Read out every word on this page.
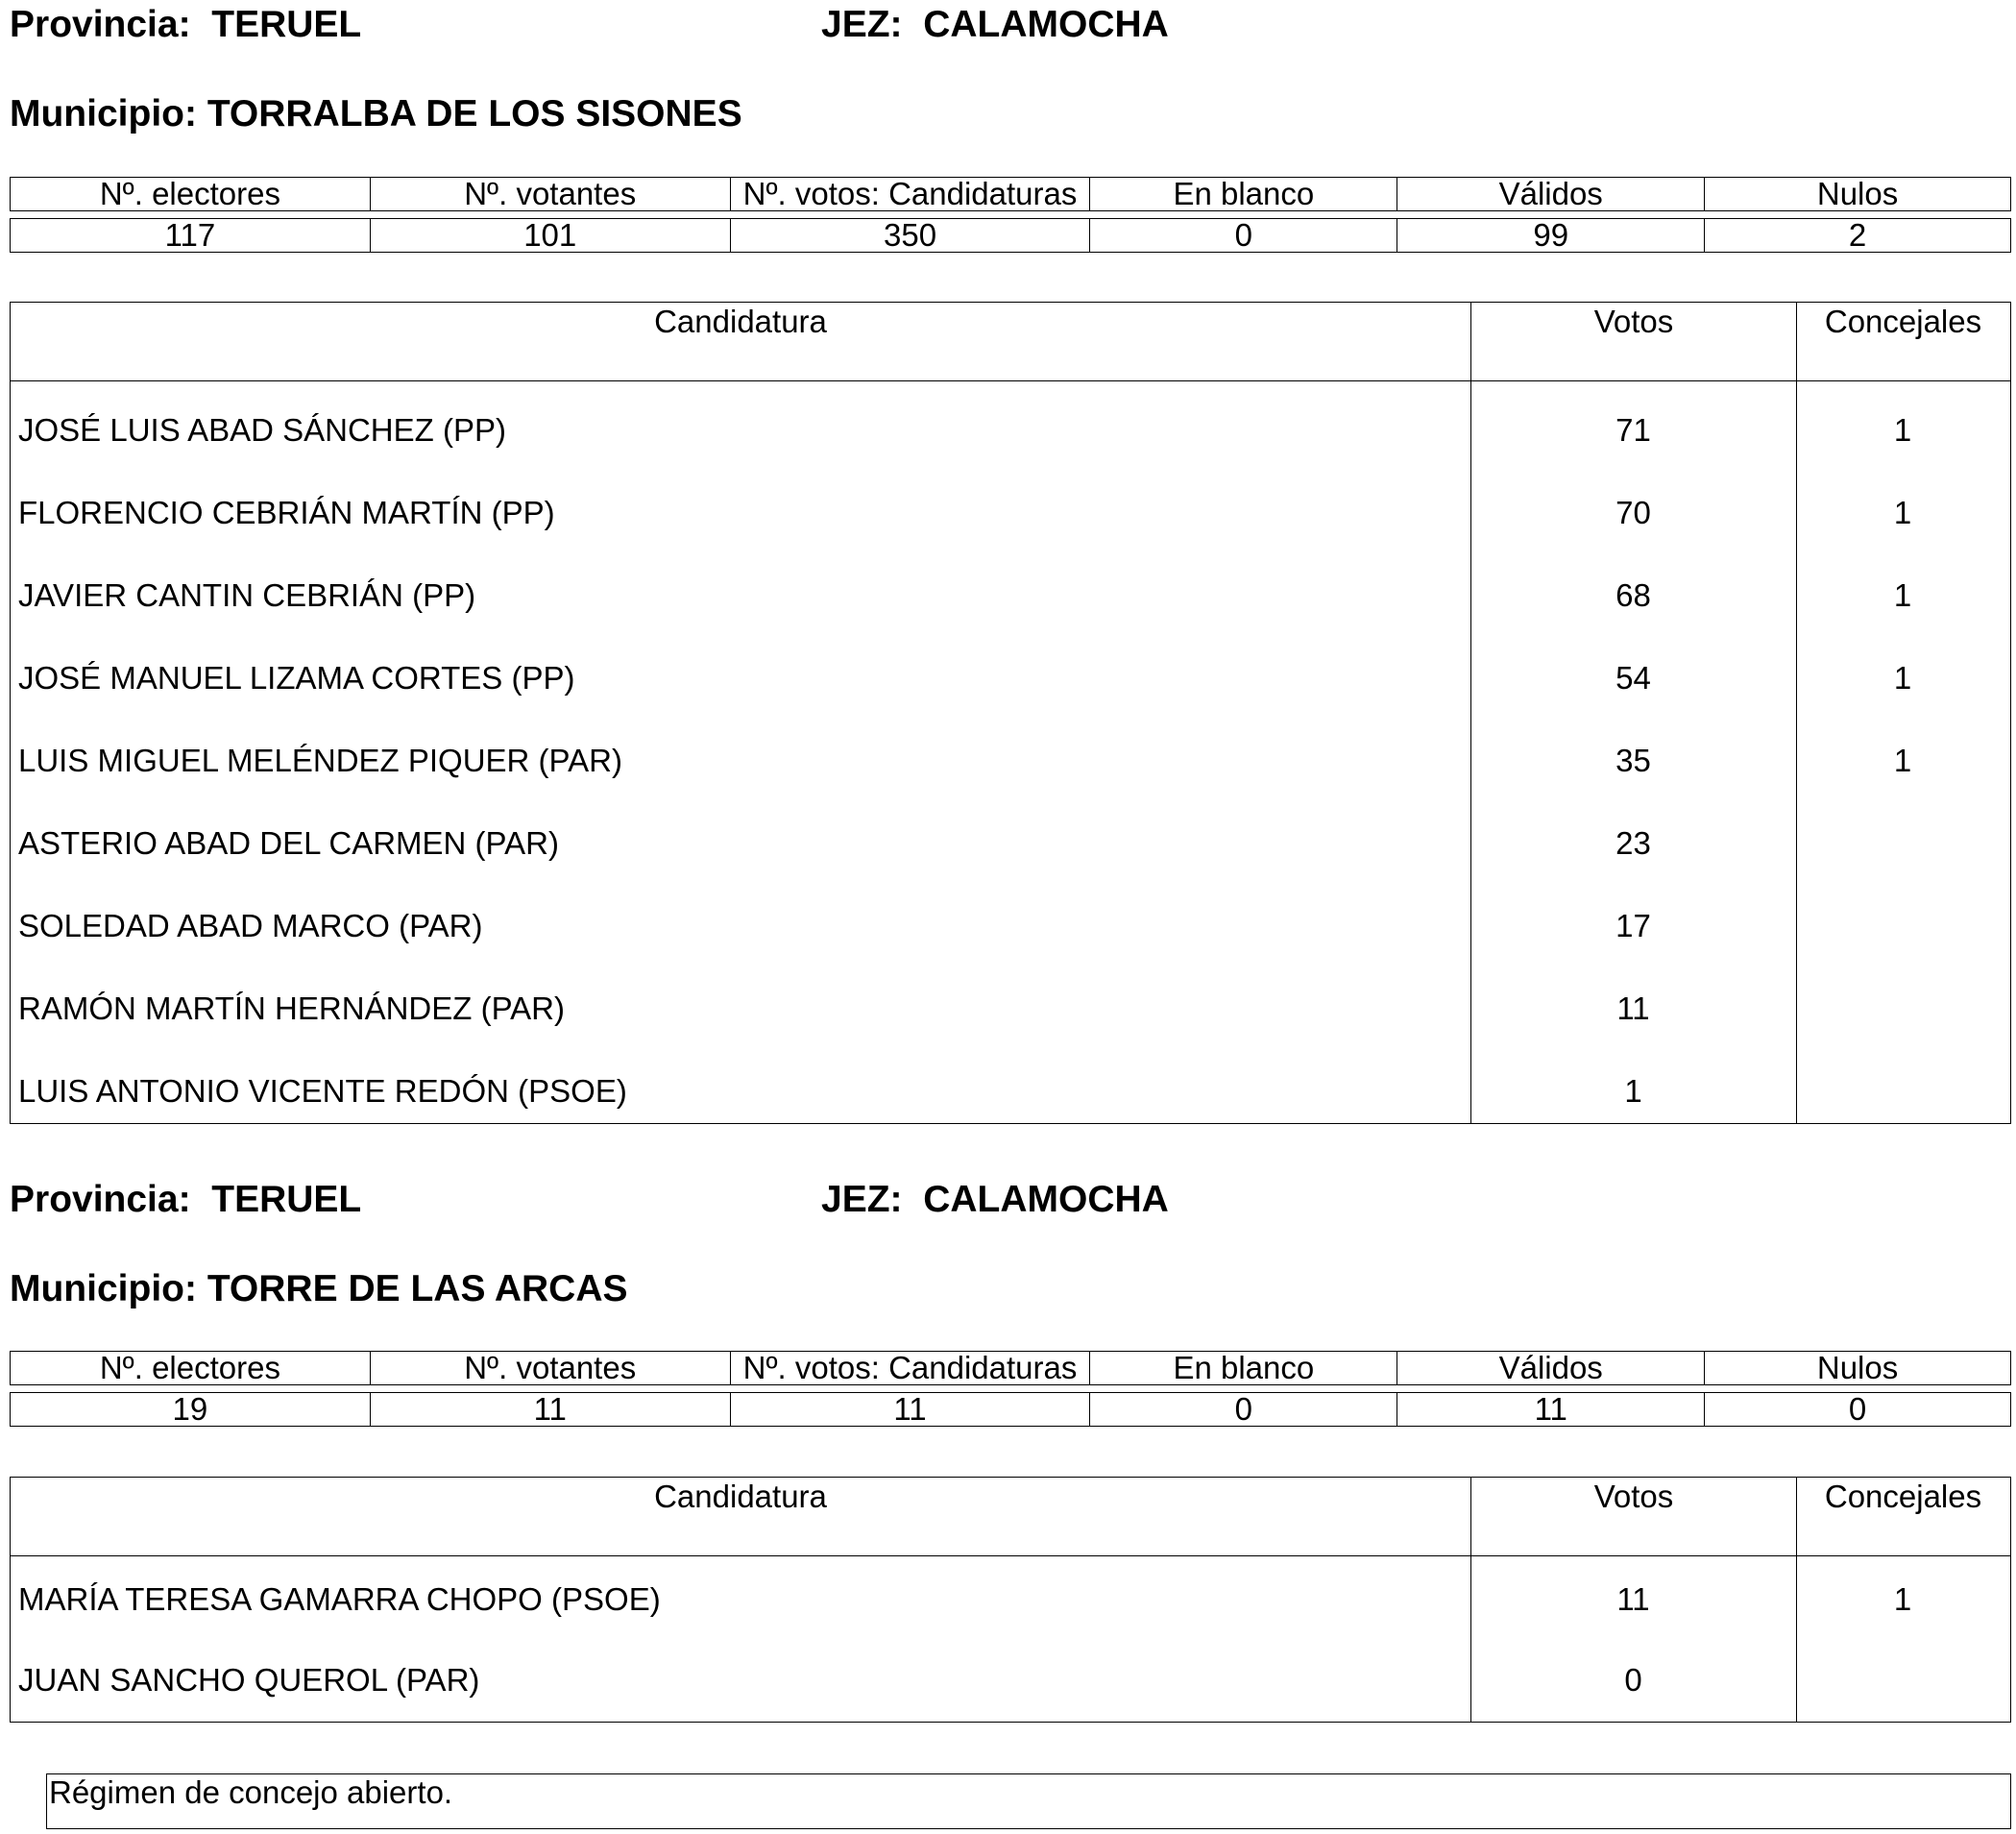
Provincia: TERUEL	JEZ: CALAMOCHA
Municipio: TORRALBA DE LOS SISONES
Nº. electores	Nº. votantes	Nº. votos: Candidaturas	En blanco	Válidos	Nulos
117	101	350	0	99	2
Candidatura	Votos	Concejales
JOSÉ LUIS ABAD SÁNCHEZ (PP)	71	1
FLORENCIO CEBRIÁN MARTÍN (PP)	70	1
JAVIER CANTIN CEBRIÁN (PP)	68	1
JOSÉ MANUEL LIZAMA CORTES (PP)	54	1
LUIS MIGUEL MELÉNDEZ PIQUER (PAR)	35	1
ASTERIO ABAD DEL CARMEN (PAR)	23
SOLEDAD ABAD MARCO (PAR)	17
RAMÓN MARTÍN HERNÁNDEZ (PAR)	11
LUIS ANTONIO VICENTE REDÓN (PSOE)	1
Provincia: TERUEL	JEZ: CALAMOCHA
Municipio: TORRE DE LAS ARCAS
Nº. electores	Nº. votantes	Nº. votos: Candidaturas	En blanco	Válidos	Nulos
19	11	11	0	11	0
Candidatura	Votos	Concejales
MARÍA TERESA GAMARRA CHOPO (PSOE)	11	1
JUAN SANCHO QUEROL (PAR)	0
Régimen de concejo abierto.
